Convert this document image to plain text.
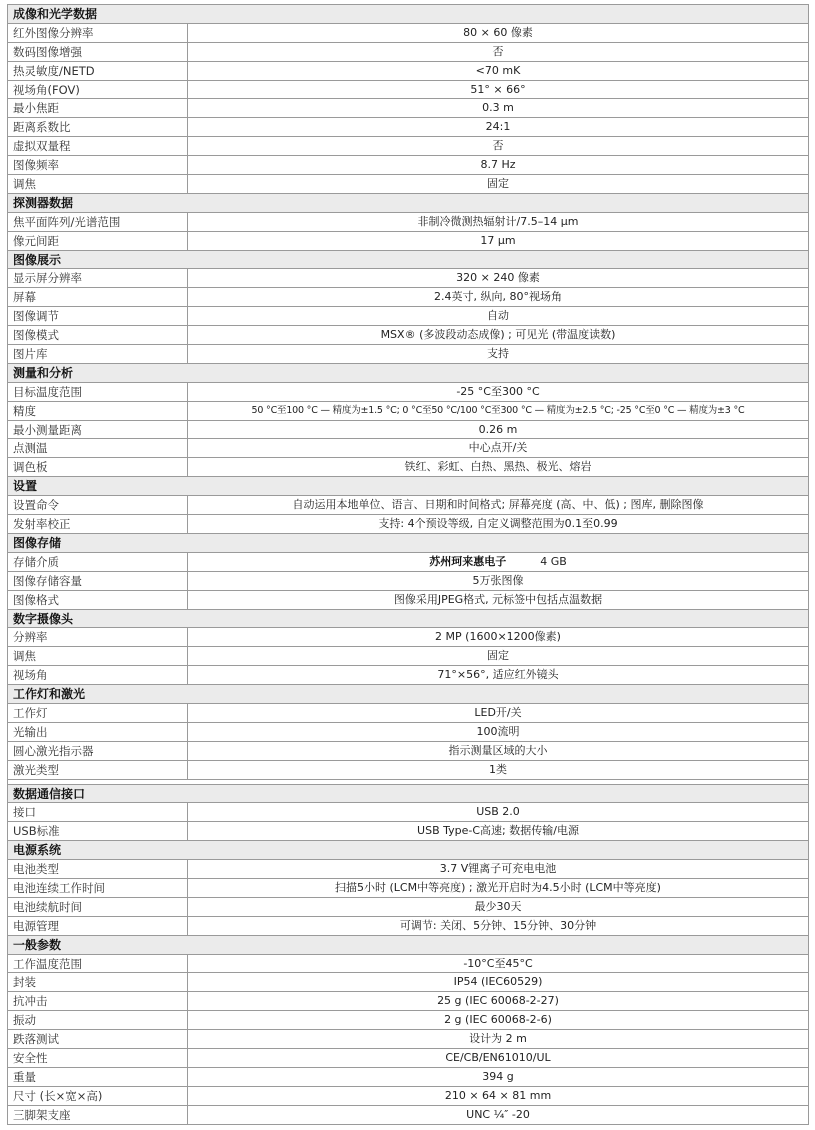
成像和光学数据
红外图像分辨率	80 × 60 像素
数码图像增强	否
热灵敏度/NETD	<70 mK
视场角(FOV)	51° × 66°
最小焦距	0.3 m
距离系数比	24:1
虚拟双量程	否
图像频率	8.7 Hz
调焦	固定
探测器数据
焦平面阵列/光谱范围	非制冷微测热辐射计/7.5–14 µm
像元间距	17 µm
图像展示
显示屏分辨率	320 × 240 像素
屏幕	2.4英寸, 纵向, 80°视场角
图像调节	自动
图像模式	MSX® (多波段动态成像) ; 可见光 (带温度读数)
图片库	支持
测量和分析
目标温度范围	-25 °C至300 °C
精度	50 °C至100 °C — 精度为±1.5 °C; 0 °C至50 °C/100 °C至300 °C — 精度为±2.5 °C; -25 °C至0 °C — 精度为±3 °C
最小测量距离	0.26 m
点测温	中心点开/关
调色板	铁红、彩虹、白热、黑热、极光、熔岩
设置
设置命令	自动运用本地单位、语言、日期和时间格式; 屏幕亮度 (高、中、低) ; 图库, 删除图像
发射率校正	支持: 4个预设等级, 自定义调整范围为0.1至0.99
图像存储
存储介质	苏州珂来惠电子	4 GB
图像存储容量	5万张图像
图像格式	图像采用JPEG格式, 元标签中包括点温数据
数字摄像头
分辨率	2 MP (1600×1200像素)
调焦	固定
视场角	71°×56°, 适应红外镜头
工作灯和激光
工作灯	LED开/关
光输出	100流明
圆心激光指示器	指示测量区域的大小
激光类型	1类
数据通信接口
接口	USB 2.0
USB标准	USB Type-C高速; 数据传输/电源
电源系统
电池类型	3.7 V锂离子可充电电池
电池连续工作时间	扫描5小时 (LCM中等亮度) ; 激光开启时为4.5小时 (LCM中等亮度)
电池续航时间	最少30天
电源管理	可调节: 关闭、5分钟、15分钟、30分钟
一般参数
工作温度范围	-10°C至45°C
封装	IP54 (IEC60529)
抗冲击	25 g (IEC 60068-2-27)
振动	2 g (IEC 60068-2-6)
跌落测试	设计为 2 m
安全性	CE/CB/EN61010/UL
重量	394 g
尺寸 (长×宽×高)	210 × 64 × 81 mm
三脚架支座	UNC ¼″ -20
